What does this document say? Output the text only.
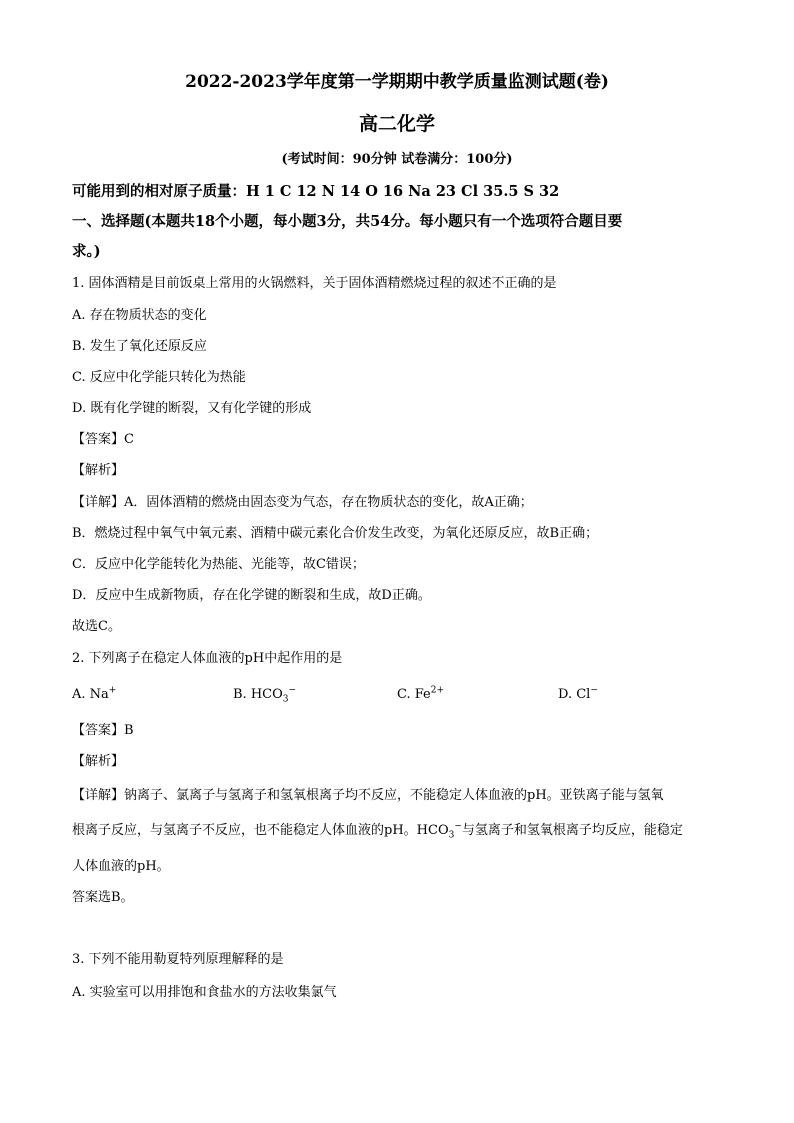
2022-2023学年度第一学期期中教学质量监测试题(卷)
高二化学
(考试时间：90分钟 试卷满分：100分)
可能用到的相对原子质量：H 1 C 12 N 14 O 16 Na 23 Cl 35.5 S 32
一、选择题(本题共18个小题，每小题3分，共54分。每小题只有一个选项符合题目要
求。)
1. 固体酒精是目前饭桌上常用的火锅燃料，关于固体酒精燃烧过程的叙述不正确的是
A. 存在物质状态的变化
B. 发生了氧化还原反应
C. 反应中化学能只转化为热能
D. 既有化学键的断裂，又有化学键的形成
【答案】C
【解析】
【详解】A．固体酒精的燃烧由固态变为气态，存在物质状态的变化，故A正确；
B．燃烧过程中氧气中氧元素、酒精中碳元素化合价发生改变，为氧化还原反应，故B正确；
C．反应中化学能转化为热能、光能等，故C错误；
D．反应中生成新物质，存在化学键的断裂和生成，故D正确。
故选C。
2. 下列离子在稳定人体血液的pH中起作用的是
A. Na+	B. $HCO_3^-$	C. $Fe^{2+}$	D. Cl−
【答案】B
【解析】
【详解】钠离子、氯离子与氢离子和氢氧根离子均不反应，不能稳定人体血液的pH。亚铁离子能与氢氧
根离子反应，与氢离子不反应，也不能稳定人体血液的pH。$HCO_3^-$与氢离子和氢氧根离子均反应，能稳定
人体血液的pH。
答案选B。
3. 下列不能用勒夏特列原理解释的是
A. 实验室可以用排饱和食盐水的方法收集氯气
